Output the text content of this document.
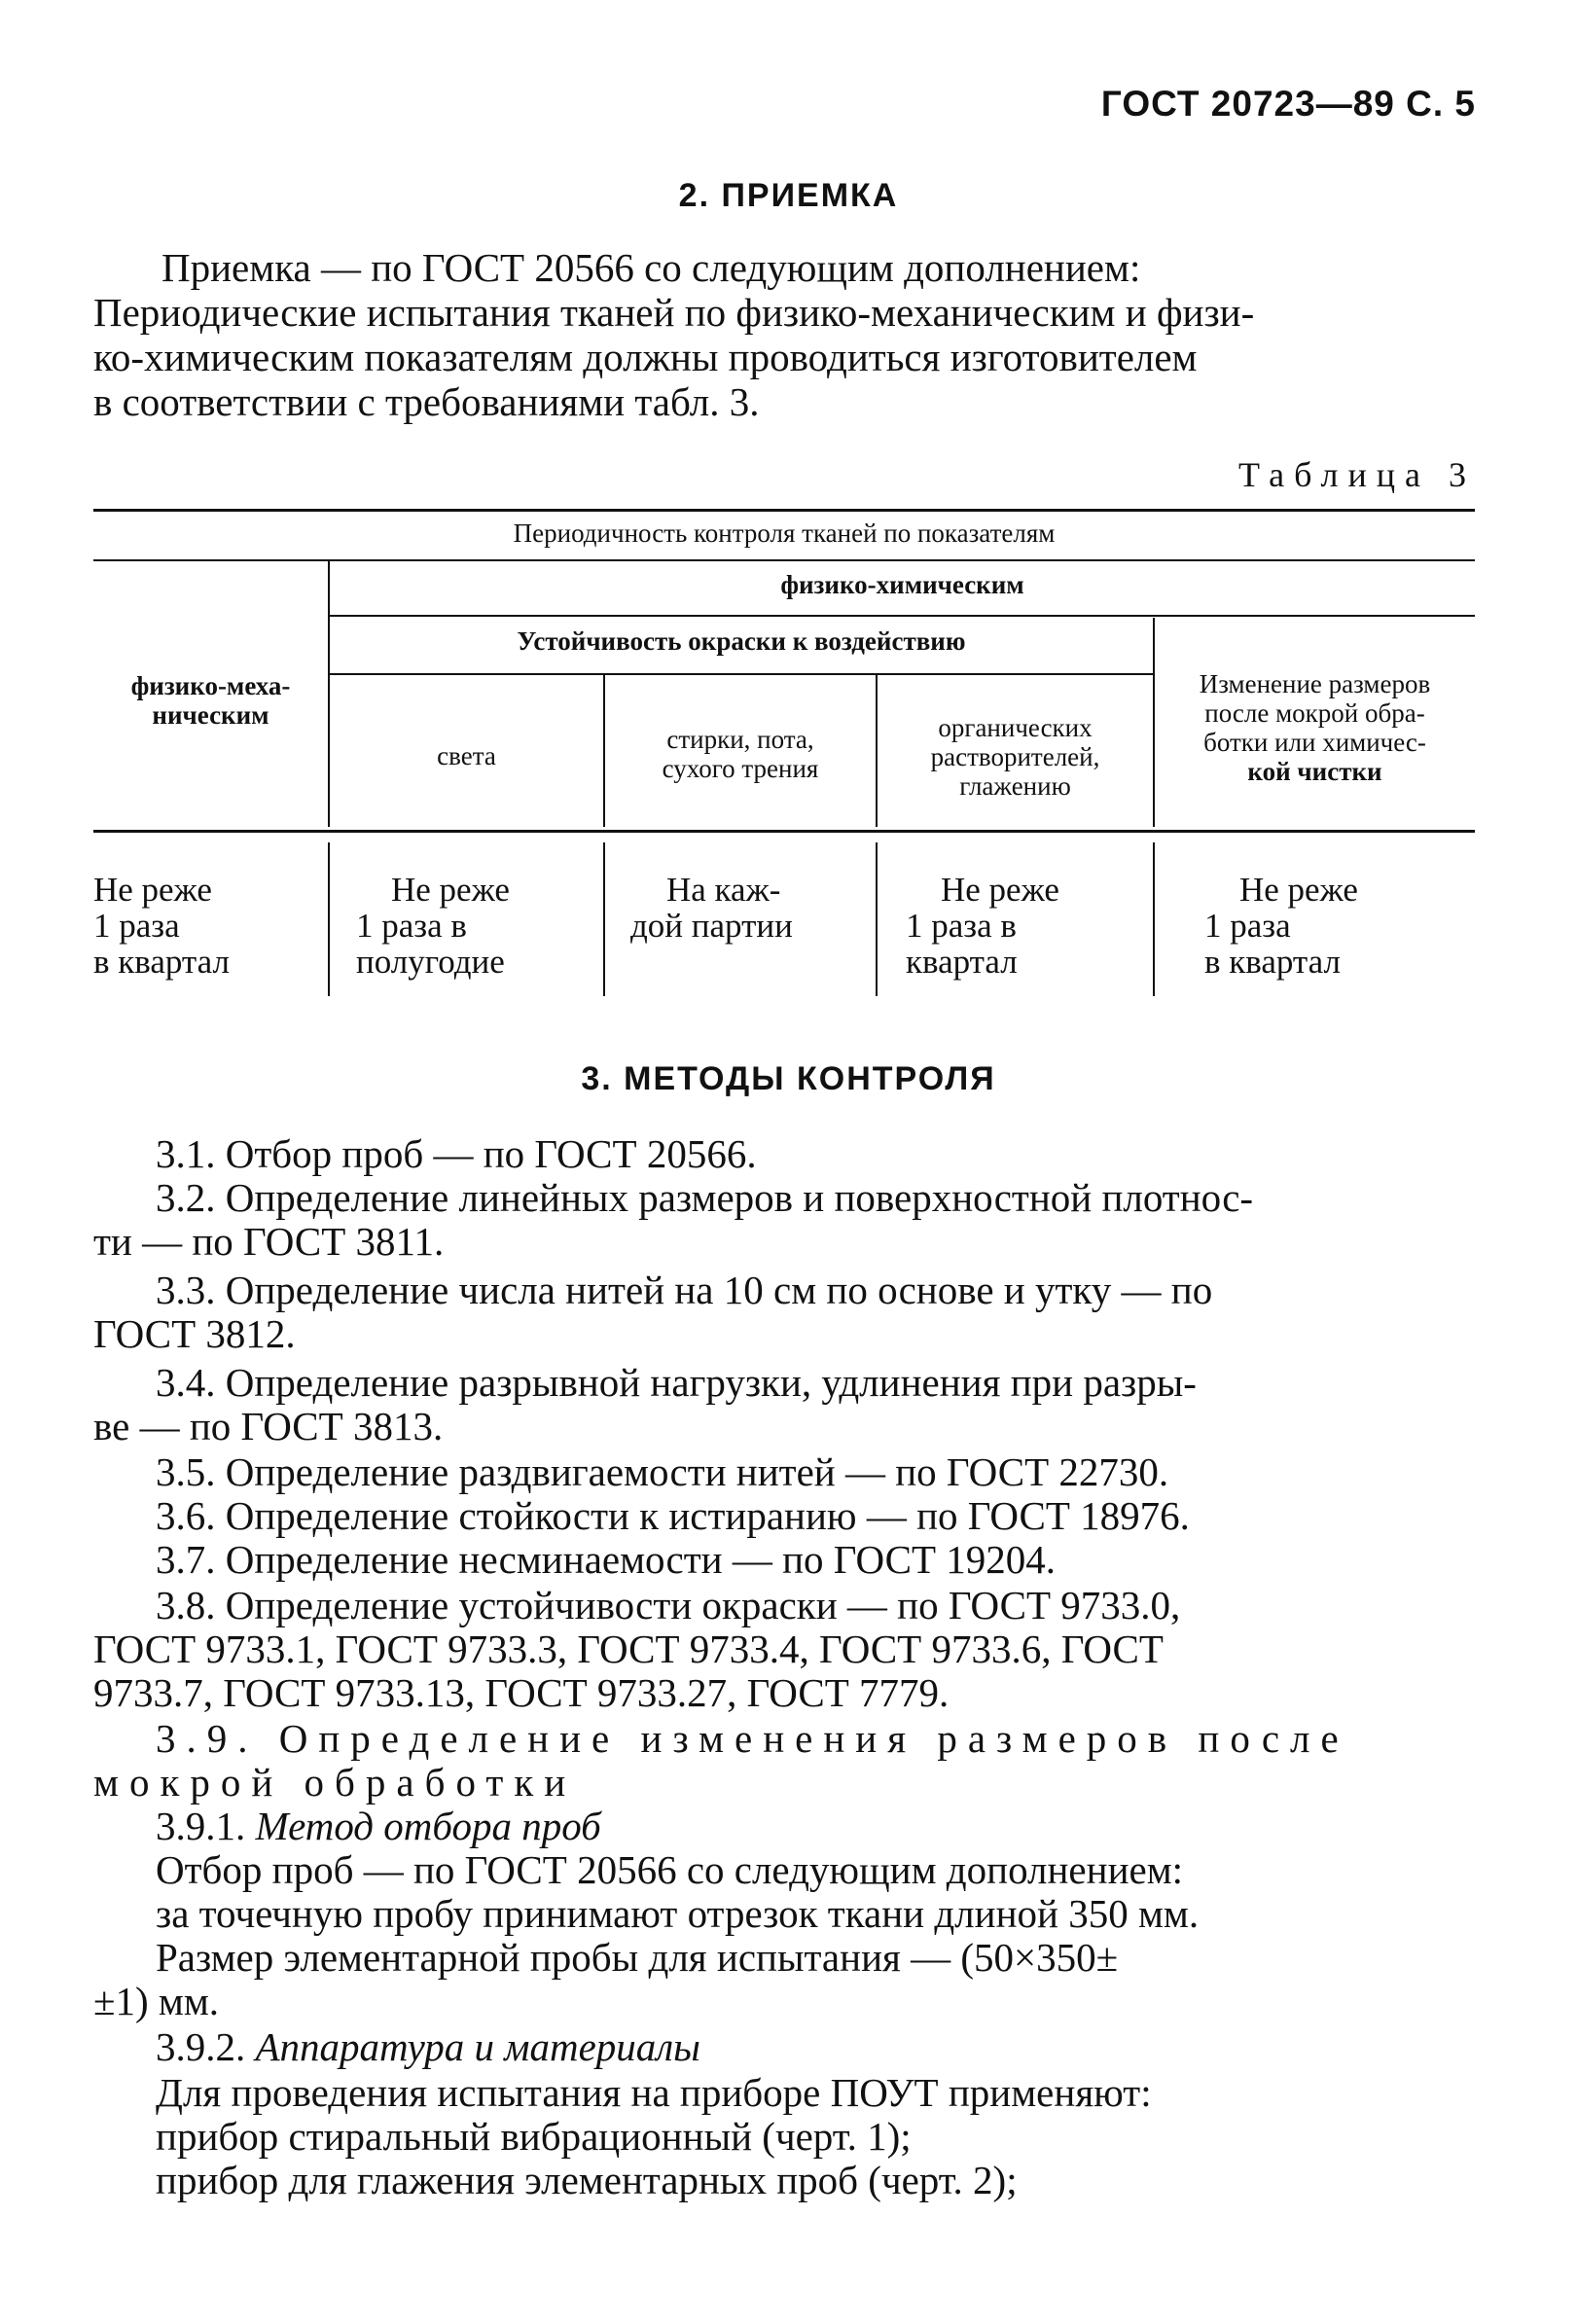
ГОСТ 20723—89 С. 5
2. ПРИЕМКА
Приемка — по ГОСТ 20566 со следующим дополнением:
Периодические испытания тканей по физико-механическим и физи-
ко-химическим показателям должны проводиться изготовителем
в соответствии с требованиями табл. 3.
Таблица 3
Периодичность контроля тканей по показателям
физико-химическим
Устойчивость окраски к воздействию
физико-меха-
ническим
света
стирки, пота,
сухого трения
органических
растворителей,
глажению
Изменение размеров
после мокрой обра-
ботки или химичес-
кой чистки
Не реже
1 раза
в квартал
Не реже
1 раза в
полугодие
На каж-
дой партии
Не реже
1 раза в
квартал
Не реже
1 раза
в квартал
3. МЕТОДЫ КОНТРОЛЯ
3.1. Отбор проб — по ГОСТ 20566.
3.2. Определение линейных размеров и поверхностной плотнос-
ти — по ГОСТ 3811.
3.3. Определение числа нитей на 10 см по основе и утку — по
ГОСТ 3812.
3.4. Определение разрывной нагрузки, удлинения при разры-
ве — по ГОСТ 3813.
3.5. Определение раздвигаемости нитей — по ГОСТ 22730.
3.6. Определение стойкости к истиранию — по ГОСТ 18976.
3.7. Определение несминаемости — по ГОСТ 19204.
3.8. Определение устойчивости окраски — по ГОСТ 9733.0,
ГОСТ 9733.1, ГОСТ 9733.3, ГОСТ 9733.4, ГОСТ 9733.6, ГОСТ
9733.7, ГОСТ 9733.13, ГОСТ 9733.27, ГОСТ 7779.
3.9. Определение изменения размеров после
мокрой обработки
3.9.1. Метод отбора проб
Отбор проб — по ГОСТ 20566 со следующим дополнением:
за точечную пробу принимают отрезок ткани длиной 350 мм.
Размер элементарной пробы для испытания — (50×350±
±1) мм.
3.9.2. Аппаратура и материалы
Для проведения испытания на приборе ПОУТ применяют:
прибор стиральный вибрационный (черт. 1);
прибор для глажения элементарных проб (черт. 2);
